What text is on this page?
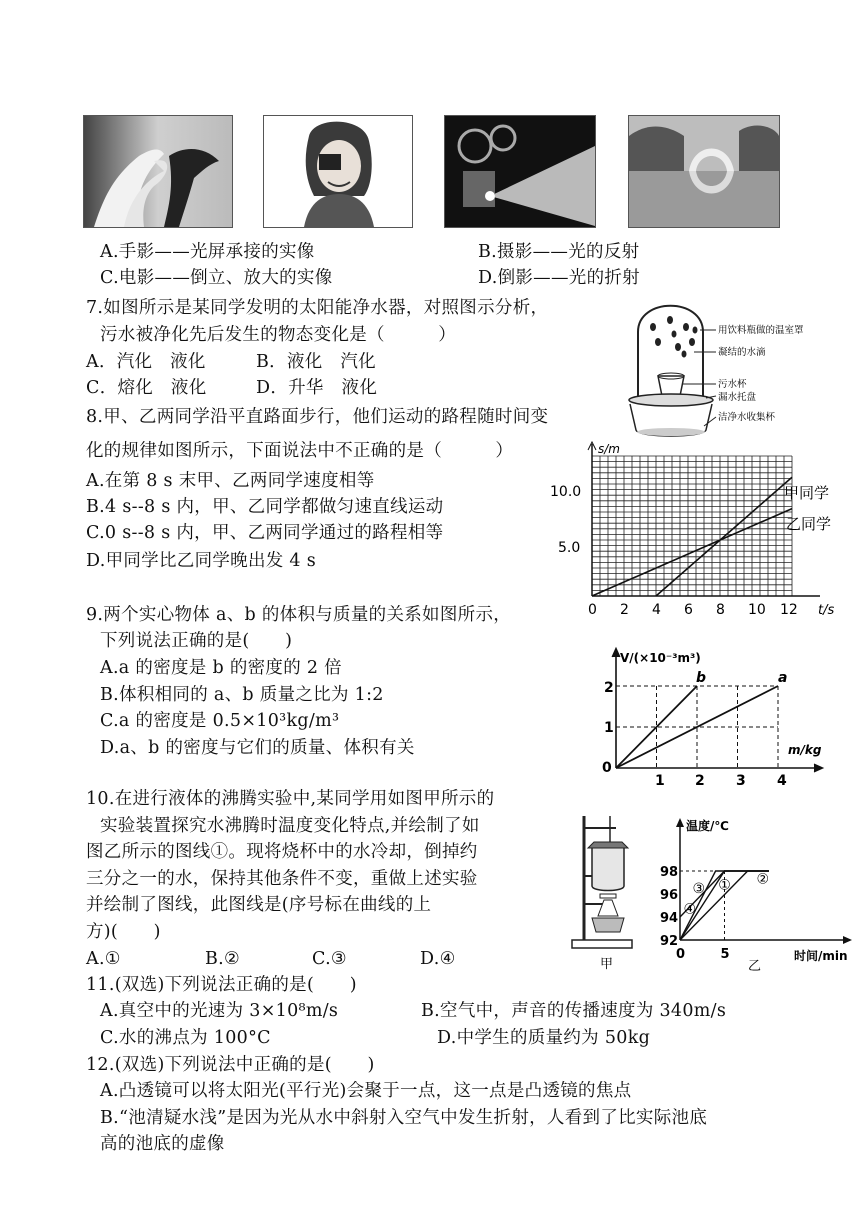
A.手影——光屏承接的实像	B.摄影——光的反射
C.电影——倒立、放大的实像	D.倒影——光的折射
7.如图所示是某同学发明的太阳能净水器，对照图示分析，
污水被净化先后发生的物态变化是（　　　）
A．汽化　液化	B．液化　汽化
C．熔化　液化	D．升华　液化
用饮料瓶做的温室罩
凝结的水滴
污水杯
漏水托盘
洁净水收集杯
8.甲、乙两同学沿平直路面步行，他们运动的路程随时间变
化的规律如图所示，下面说法中不正确的是（　　　）
A.在第 8 s 末甲、乙两同学速度相等
B.4 s--8 s 内，甲、乙同学都做匀速直线运动
C.0 s--8 s 内，甲、乙两同学通过的路程相等
D.甲同学比乙同学晚出发 4 s
s/m
t/s
10.0
5.0
0 2 4 6 8 10 12
甲同学
乙同学
9.两个实心物体 a、b 的体积与质量的关系如图所示，
下列说法正确的是(　　)
A.a 的密度是 b 的密度的 2 倍
B.体积相同的 a、b 质量之比为 1:2
C.a 的密度是 0.5×10³kg/m³
D.a、b 的密度与它们的质量、体积有关
V/(×10⁻³m³)
m/kg
0
2
1
1 2 3 4
b	a
10.在进行液体的沸腾实验中,某同学用如图甲所示的
实验装置探究水沸腾时温度变化特点,并绘制了如
图乙所示的图线①。现将烧杯中的水冷却，倒掉约
三分之一的水，保持其他条件不变，重做上述实验
并绘制了图线，此图线是(序号标在曲线的上
方)(　　)
A.①	B.②	C.③	D.④	甲
温度/℃
时间/min
乙
92
94
96
98
0	5
① ②
③
④
11.(双选)下列说法正确的是(　　)
A.真空中的光速为 3×10⁸m/s	B.空气中，声音的传播速度为 340m/s
C.水的沸点为 100°C	D.中学生的质量约为 50kg
12.(双选)下列说法中正确的是(　　)
A.凸透镜可以将太阳光(平行光)会聚于一点，这一点是凸透镜的焦点
B.“池清疑水浅”是因为光从水中斜射入空气中发生折射，人看到了比实际池底
高的池底的虚像
